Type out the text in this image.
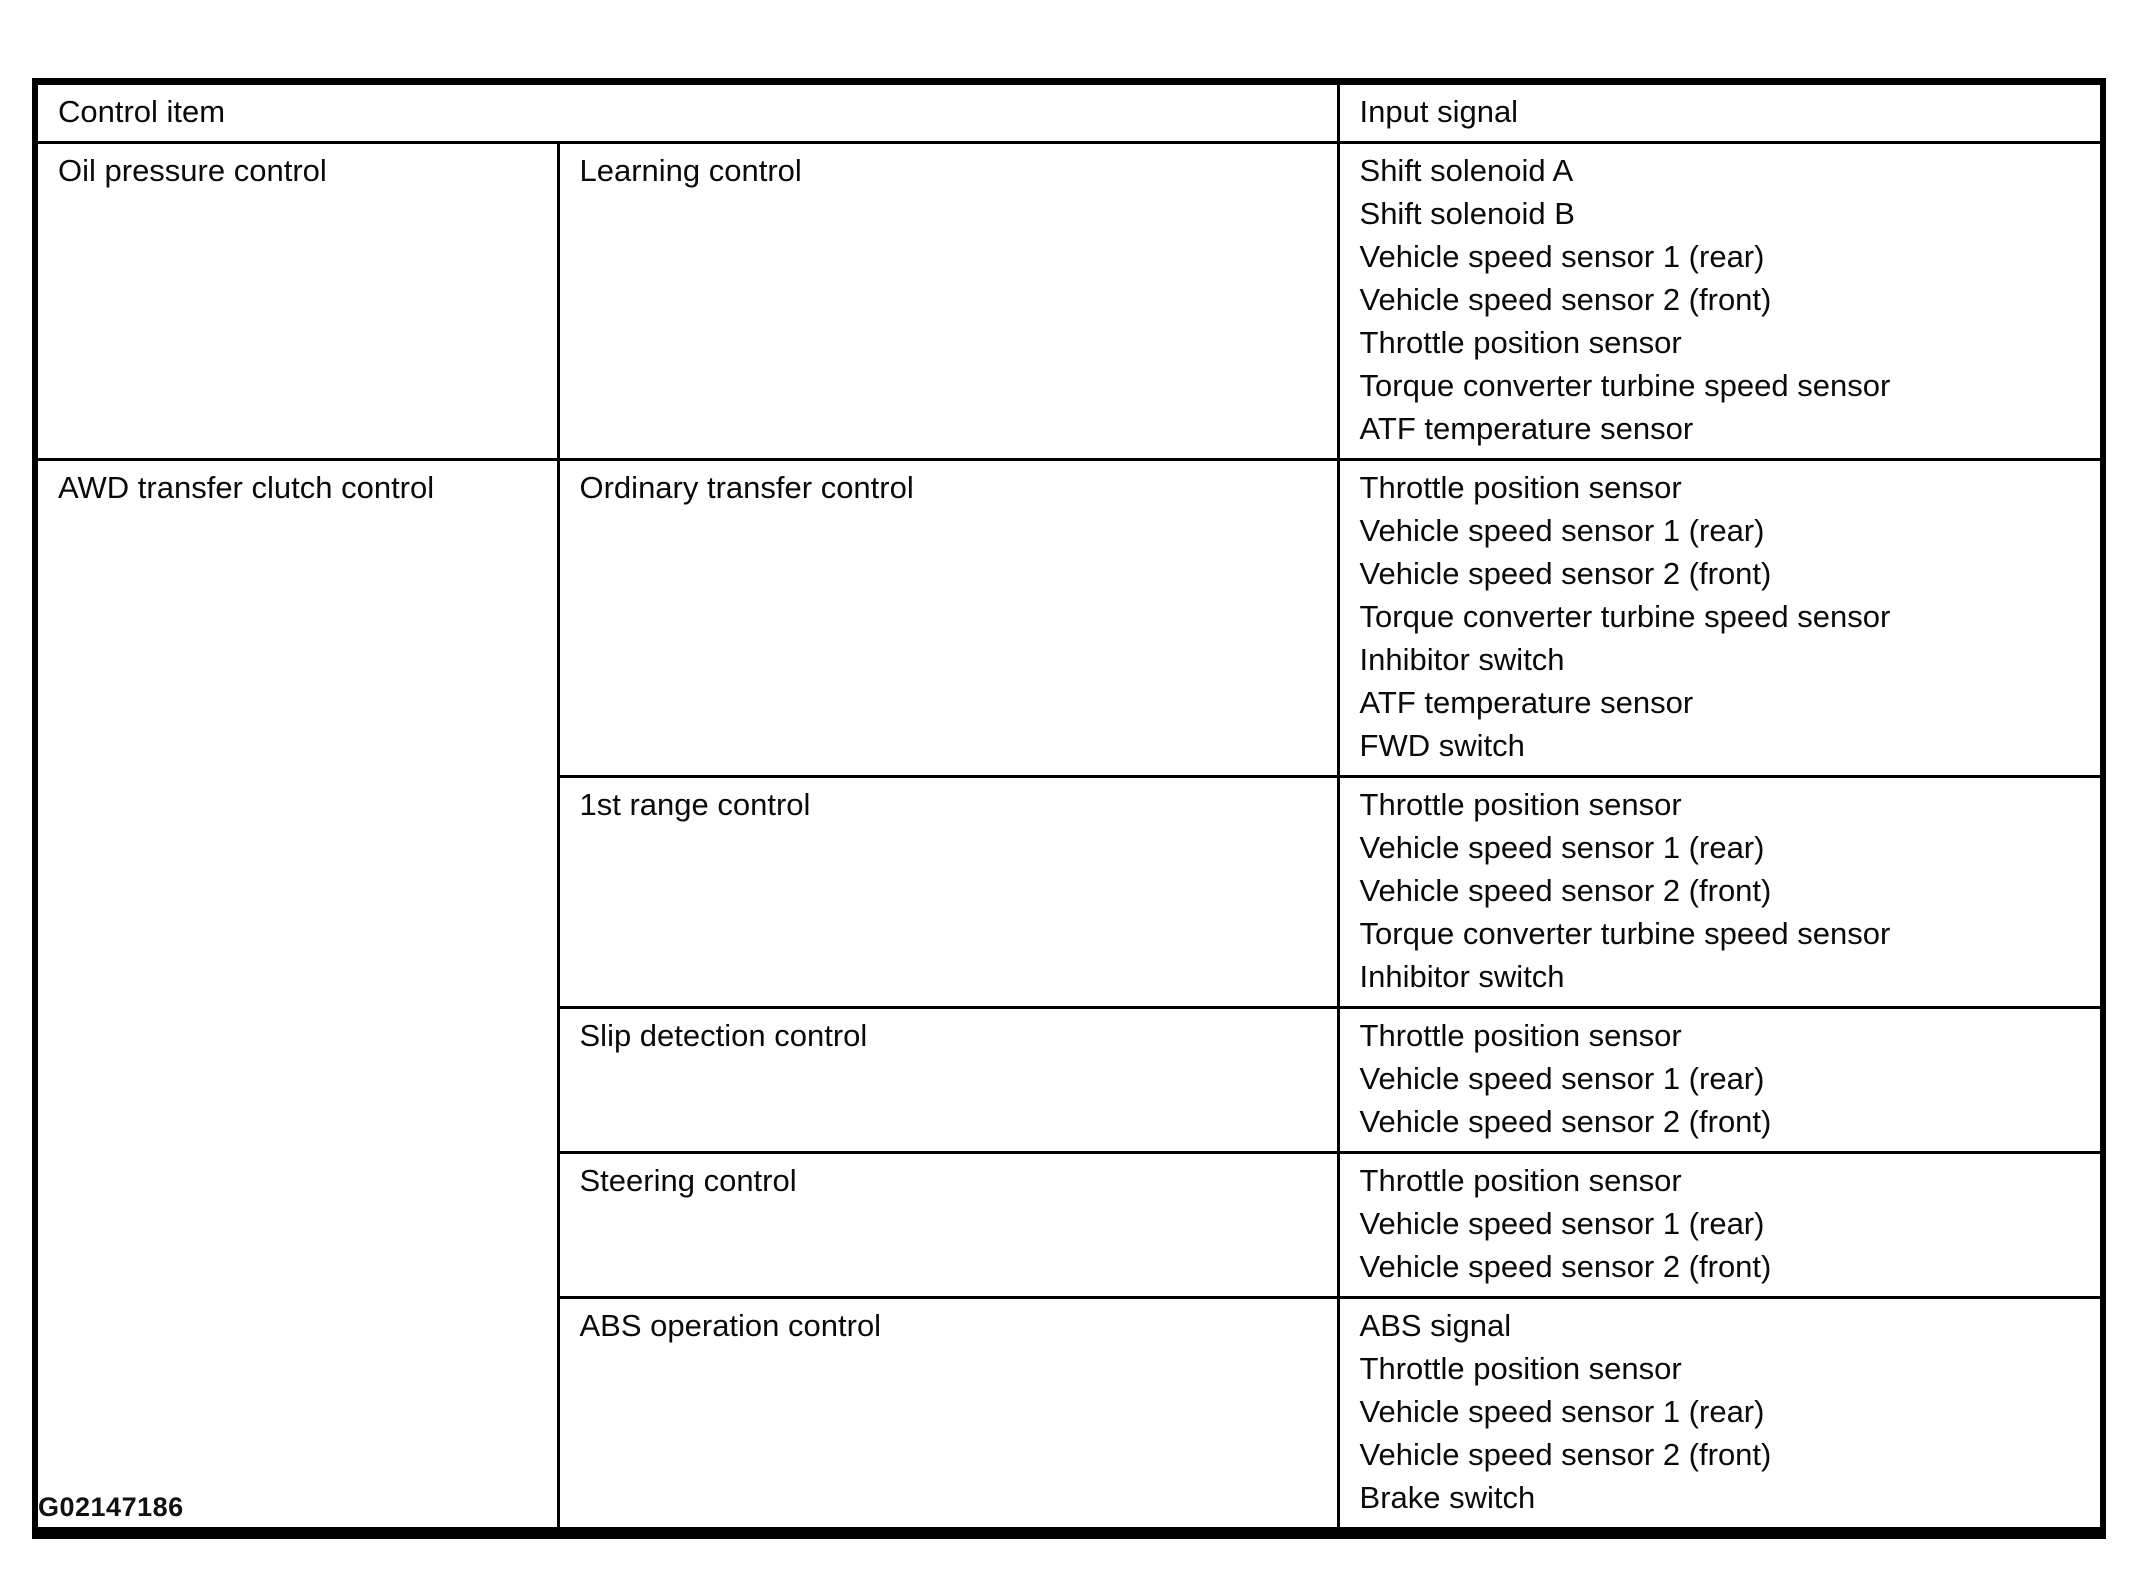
Control item		Input signal
Oil pressure control	Learning control	Shift solenoid A
Shift solenoid B
Vehicle speed sensor 1 (rear)
Vehicle speed sensor 2 (front)
Throttle position sensor
Torque converter turbine speed sensor
ATF temperature sensor

AWD transfer clutch control	Ordinary transfer control	Throttle position sensor
Vehicle speed sensor 1 (rear)
Vehicle speed sensor 2 (front)
Torque converter turbine speed sensor
Inhibitor switch
ATF temperature sensor
FWD switch

	1st range control	Throttle position sensor
Vehicle speed sensor 1 (rear)
Vehicle speed sensor 2 (front)
Torque converter turbine speed sensor
Inhibitor switch

	Slip detection control	Throttle position sensor
Vehicle speed sensor 1 (rear)
Vehicle speed sensor 2 (front)

	Steering control	Throttle position sensor
Vehicle speed sensor 1 (rear)
Vehicle speed sensor 2 (front)

	ABS operation control	ABS signal
Throttle position sensor
Vehicle speed sensor 1 (rear)
Vehicle speed sensor 2 (front)
Brake switch
G02147186
